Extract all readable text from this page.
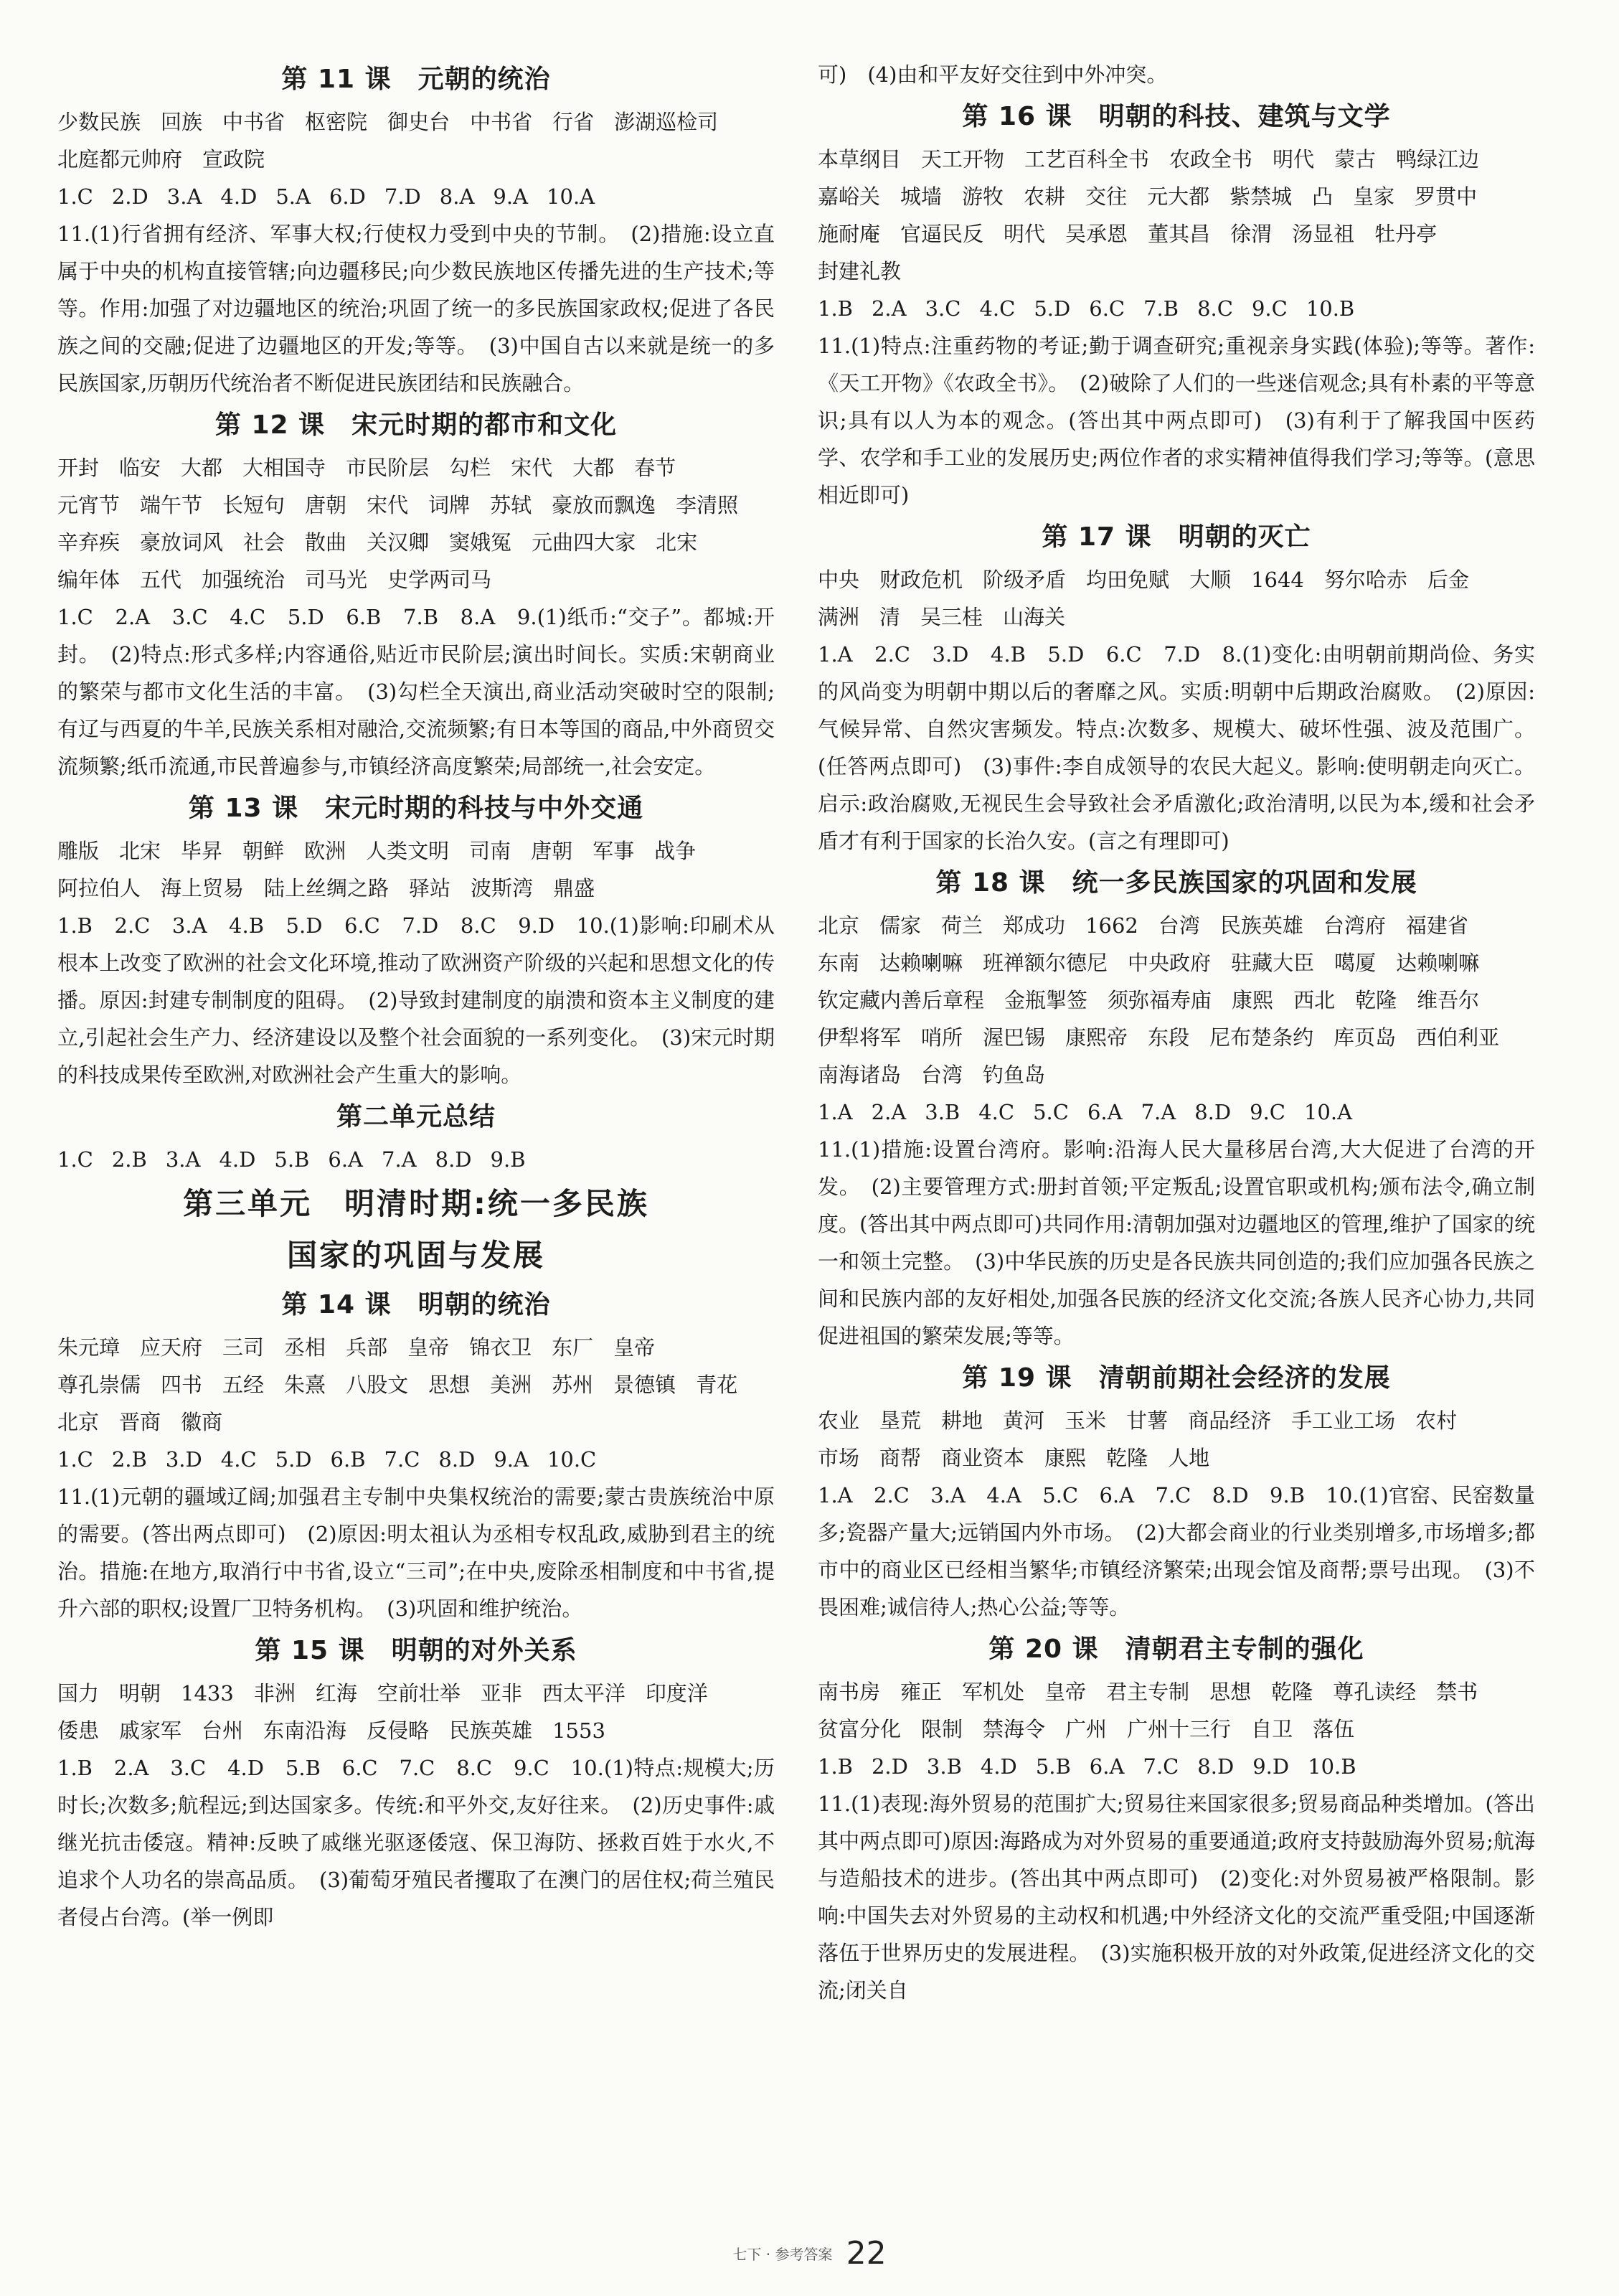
第 11 课　元朝的统治
少数民族 回族 中书省 枢密院 御史台 中书省 行省 澎湖巡检司北庭都元帅府 宣政院
1.C 2.D 3.A 4.D 5.A 6.D 7.D 8.A 9.A 10.A
11.(1)行省拥有经济、军事大权;行使权力受到中央的节制。　(2)措施:设立直属于中央的机构直接管辖;向边疆移民;向少数民族地区传播先进的生产技术;等等。作用:加强了对边疆地区的统治;巩固了统一的多民族国家政权;促进了各民族之间的交融;促进了边疆地区的开发;等等。　(3)中国自古以来就是统一的多民族国家,历朝历代统治者不断促进民族团结和民族融合。
第 12 课　宋元时期的都市和文化
开封 临安 大都 大相国寺 市民阶层 勾栏 宋代 大都 春节元宵节 端午节 长短句 唐朝 宋代 词牌 苏轼 豪放而飘逸 李清照辛弃疾 豪放词风 社会 散曲 关汉卿 窦娥冤 元曲四大家 北宋编年体 五代 加强统治 司马光 史学两司马
1.C　2.A　3.C　4.C　5.D　6.B　7.B　8.A　9.(1)纸币:“交子”。都城:开封。　(2)特点:形式多样;内容通俗,贴近市民阶层;演出时间长。实质:宋朝商业的繁荣与都市文化生活的丰富。　(3)勾栏全天演出,商业活动突破时空的限制;有辽与西夏的牛羊,民族关系相对融洽,交流频繁;有日本等国的商品,中外商贸交流频繁;纸币流通,市民普遍参与,市镇经济高度繁荣;局部统一,社会安定。
第 13 课　宋元时期的科技与中外交通
雕版 北宋 毕昇 朝鲜 欧洲 人类文明 司南 唐朝 军事 战争阿拉伯人 海上贸易 陆上丝绸之路 驿站 波斯湾 鼎盛
1.B　2.C　3.A　4.B　5.D　6.C　7.D　8.C　9.D　10.(1)影响:印刷术从根本上改变了欧洲的社会文化环境,推动了欧洲资产阶级的兴起和思想文化的传播。原因:封建专制制度的阻碍。　(2)导致封建制度的崩溃和资本主义制度的建立,引起社会生产力、经济建设以及整个社会面貌的一系列变化。　(3)宋元时期的科技成果传至欧洲,对欧洲社会产生重大的影响。
第二单元总结
1.C 2.B 3.A 4.D 5.B 6.A 7.A 8.D 9.B
第三单元　明清时期:统一多民族
国家的巩固与发展
第 14 课　明朝的统治
朱元璋 应天府 三司 丞相 兵部 皇帝 锦衣卫 东厂 皇帝尊孔崇儒 四书 五经 朱熹 八股文 思想 美洲 苏州 景德镇 青花北京 晋商 徽商
1.C 2.B 3.D 4.C 5.D 6.B 7.C 8.D 9.A 10.C
11.(1)元朝的疆域辽阔;加强君主专制中央集权统治的需要;蒙古贵族统治中原的需要。(答出两点即可)　(2)原因:明太祖认为丞相专权乱政,威胁到君主的统治。措施:在地方,取消行中书省,设立“三司”;在中央,废除丞相制度和中书省,提升六部的职权;设置厂卫特务机构。　(3)巩固和维护统治。
第 15 课　明朝的对外关系
国力 明朝 1433 非洲 红海 空前壮举 亚非 西太平洋 印度洋倭患 戚家军 台州 东南沿海 反侵略 民族英雄 1553
1.B　2.A　3.C　4.D　5.B　6.C　7.C　8.C　9.C　10.(1)特点:规模大;历时长;次数多;航程远;到达国家多。传统:和平外交,友好往来。　(2)历史事件:戚继光抗击倭寇。精神:反映了戚继光驱逐倭寇、保卫海防、拯救百姓于水火,不追求个人功名的崇高品质。　(3)葡萄牙殖民者攫取了在澳门的居住权;荷兰殖民者侵占台湾。(举一例即
可)　(4)由和平友好交往到中外冲突。
第 16 课　明朝的科技、建筑与文学
本草纲目 天工开物 工艺百科全书 农政全书 明代 蒙古 鸭绿江边嘉峪关 城墙 游牧 农耕 交往 元大都 紫禁城 凸 皇家 罗贯中施耐庵 官逼民反 明代 吴承恩 董其昌 徐渭 汤显祖 牡丹亭封建礼教
1.B 2.A 3.C 4.C 5.D 6.C 7.B 8.C 9.C 10.B
11.(1)特点:注重药物的考证;勤于调查研究;重视亲身实践(体验);等等。著作:《天工开物》《农政全书》。　(2)破除了人们的一些迷信观念;具有朴素的平等意识;具有以人为本的观念。(答出其中两点即可)　(3)有利于了解我国中医药学、农学和手工业的发展历史;两位作者的求实精神值得我们学习;等等。(意思相近即可)
第 17 课　明朝的灭亡
中央 财政危机 阶级矛盾 均田免赋 大顺 1644 努尔哈赤 后金满洲 清 吴三桂 山海关
1.A　2.C　3.D　4.B　5.D　6.C　7.D　8.(1)变化:由明朝前期尚俭、务实的风尚变为明朝中期以后的奢靡之风。实质:明朝中后期政治腐败。　(2)原因:气候异常、自然灾害频发。特点:次数多、规模大、破坏性强、波及范围广。(任答两点即可)　(3)事件:李自成领导的农民大起义。影响:使明朝走向灭亡。启示:政治腐败,无视民生会导致社会矛盾激化;政治清明,以民为本,缓和社会矛盾才有利于国家的长治久安。(言之有理即可)
第 18 课　统一多民族国家的巩固和发展
北京 儒家 荷兰 郑成功 1662 台湾 民族英雄 台湾府 福建省东南 达赖喇嘛 班禅额尔德尼 中央政府 驻藏大臣 噶厦 达赖喇嘛钦定藏内善后章程 金瓶掣签 须弥福寿庙 康熙 西北 乾隆 维吾尔伊犁将军 哨所 渥巴锡 康熙帝 东段 尼布楚条约 库页岛 西伯利亚南海诸岛 台湾 钓鱼岛
1.A 2.A 3.B 4.C 5.C 6.A 7.A 8.D 9.C 10.A
11.(1)措施:设置台湾府。影响:沿海人民大量移居台湾,大大促进了台湾的开发。　(2)主要管理方式:册封首领;平定叛乱;设置官职或机构;颁布法令,确立制度。(答出其中两点即可)共同作用:清朝加强对边疆地区的管理,维护了国家的统一和领土完整。　(3)中华民族的历史是各民族共同创造的;我们应加强各民族之间和民族内部的友好相处,加强各民族的经济文化交流;各族人民齐心协力,共同促进祖国的繁荣发展;等等。
第 19 课　清朝前期社会经济的发展
农业 垦荒 耕地 黄河 玉米 甘薯 商品经济 手工业工场 农村市场 商帮 商业资本 康熙 乾隆 人地
1.A　2.C　3.A　4.A　5.C　6.A　7.C　8.D　9.B　10.(1)官窑、民窑数量多;瓷器产量大;远销国内外市场。　(2)大都会商业的行业类别增多,市场增多;都市中的商业区已经相当繁华;市镇经济繁荣;出现会馆及商帮;票号出现。　(3)不畏困难;诚信待人;热心公益;等等。
第 20 课　清朝君主专制的强化
南书房 雍正 军机处 皇帝 君主专制 思想 乾隆 尊孔读经 禁书贫富分化 限制 禁海令 广州 广州十三行 自卫 落伍
1.B 2.D 3.B 4.D 5.B 6.A 7.C 8.D 9.D 10.B
11.(1)表现:海外贸易的范围扩大;贸易往来国家很多;贸易商品种类增加。(答出其中两点即可)原因:海路成为对外贸易的重要通道;政府支持鼓励海外贸易;航海与造船技术的进步。(答出其中两点即可)　(2)变化:对外贸易被严格限制。影响:中国失去对外贸易的主动权和机遇;中外经济文化的交流严重受阻;中国逐渐落伍于世界历史的发展进程。　(3)实施积极开放的对外政策,促进经济文化的交流;闭关自
七下 · 参考答案 22
